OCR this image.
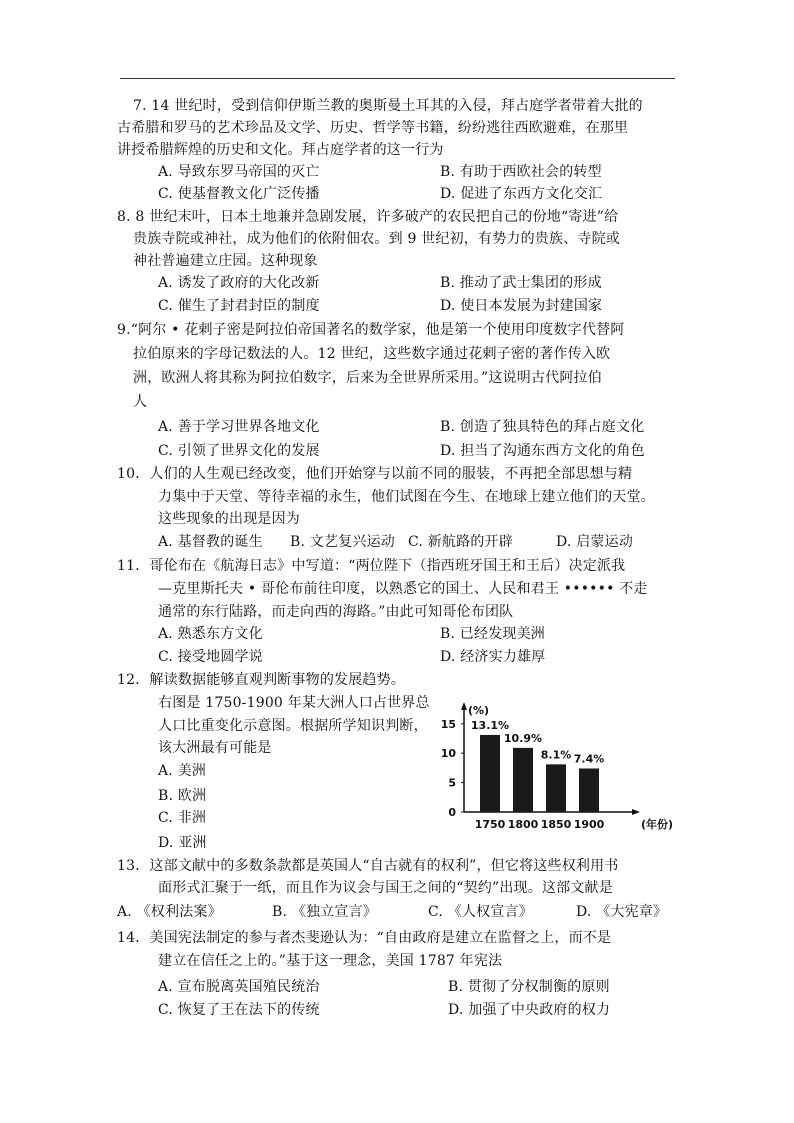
7. 14 世纪时，受到信仰伊斯兰教的奥斯曼土耳其的入侵，拜占庭学者带着大批的
古希腊和罗马的艺术珍品及文学、历史、哲学等书籍，纷纷逃往西欧避难，在那里
讲授希腊辉煌的历史和文化。拜占庭学者的这一行为
A. 导致东罗马帝国的灭亡	B. 有助于西欧社会的转型
C. 使基督教文化广泛传播	D. 促进了东西方文化交汇
8. 8 世纪末叶，日本土地兼并急剧发展，许多破产的农民把自己的份地“寄进”给
贵族寺院或神社，成为他们的依附佃农。到 9 世纪初，有势力的贵族、寺院或
神社普遍建立庄园。这种现象
A. 诱发了政府的大化改新	B. 推动了武士集团的形成
C. 催生了封君封臣的制度	D. 使日本发展为封建国家
9.“阿尔 • 花剌子密是阿拉伯帝国著名的数学家，他是第一个使用印度数字代替阿
拉伯原来的字母记数法的人。12 世纪，这些数字通过花剌子密的著作传入欧
洲，欧洲人将其称为阿拉伯数字，后来为全世界所采用。”这说明古代阿拉伯
人
A. 善于学习世界各地文化	B. 创造了独具特色的拜占庭文化
C. 引领了世界文化的发展	D. 担当了沟通东西方文化的角色
10．人们的人生观已经改变，他们开始穿与以前不同的服装，不再把全部思想与精
力集中于天堂、等待幸福的永生，他们试图在今生、在地球上建立他们的天堂。
这些现象的出现是因为
A. 基督教的诞生 B. 文艺复兴运动 C. 新航路的开辟	D. 启蒙运动
11．哥伦布在《航海日志》中写道：“两位陛下（指西班牙国王和王后）决定派我
—克里斯托夫 • 哥伦布前往印度，以熟悉它的国土、人民和君王 •••••• 不走
通常的东行陆路，而走向西的海路。”由此可知哥伦布团队
A. 熟悉东方文化	B. 已经发现美洲
C. 接受地圆学说	D. 经济实力雄厚
12．解读数据能够直观判断事物的发展趋势。
右图是 1750-1900 年某大洲人口占世界总
人口比重变化示意图。根据所学知识判断，
该大洲最有可能是
A. 美洲
B. 欧洲
C. 非洲
D. 亚洲
(%)
0
5
10
15 13.1%
1750
10.9%
1800
8.1%
1850
7.4%
1900	(年份)
13．这部文献中的多数条款都是英国人“自古就有的权利”，但它将这些权利用书
面形式汇聚于一纸，而且作为议会与国王之间的“契约”出现。这部文献是
A. 《权利法案》	B. 《独立宣言》	C. 《人权宣言》	D. 《大宪章》
14．美国宪法制定的参与者杰斐逊认为：“自由政府是建立在监督之上，而不是
建立在信任之上的。”基于这一理念，美国 1787 年宪法
A. 宣布脱离英国殖民统治	B. 贯彻了分权制衡的原则
C. 恢复了王在法下的传统	D. 加强了中央政府的权力
